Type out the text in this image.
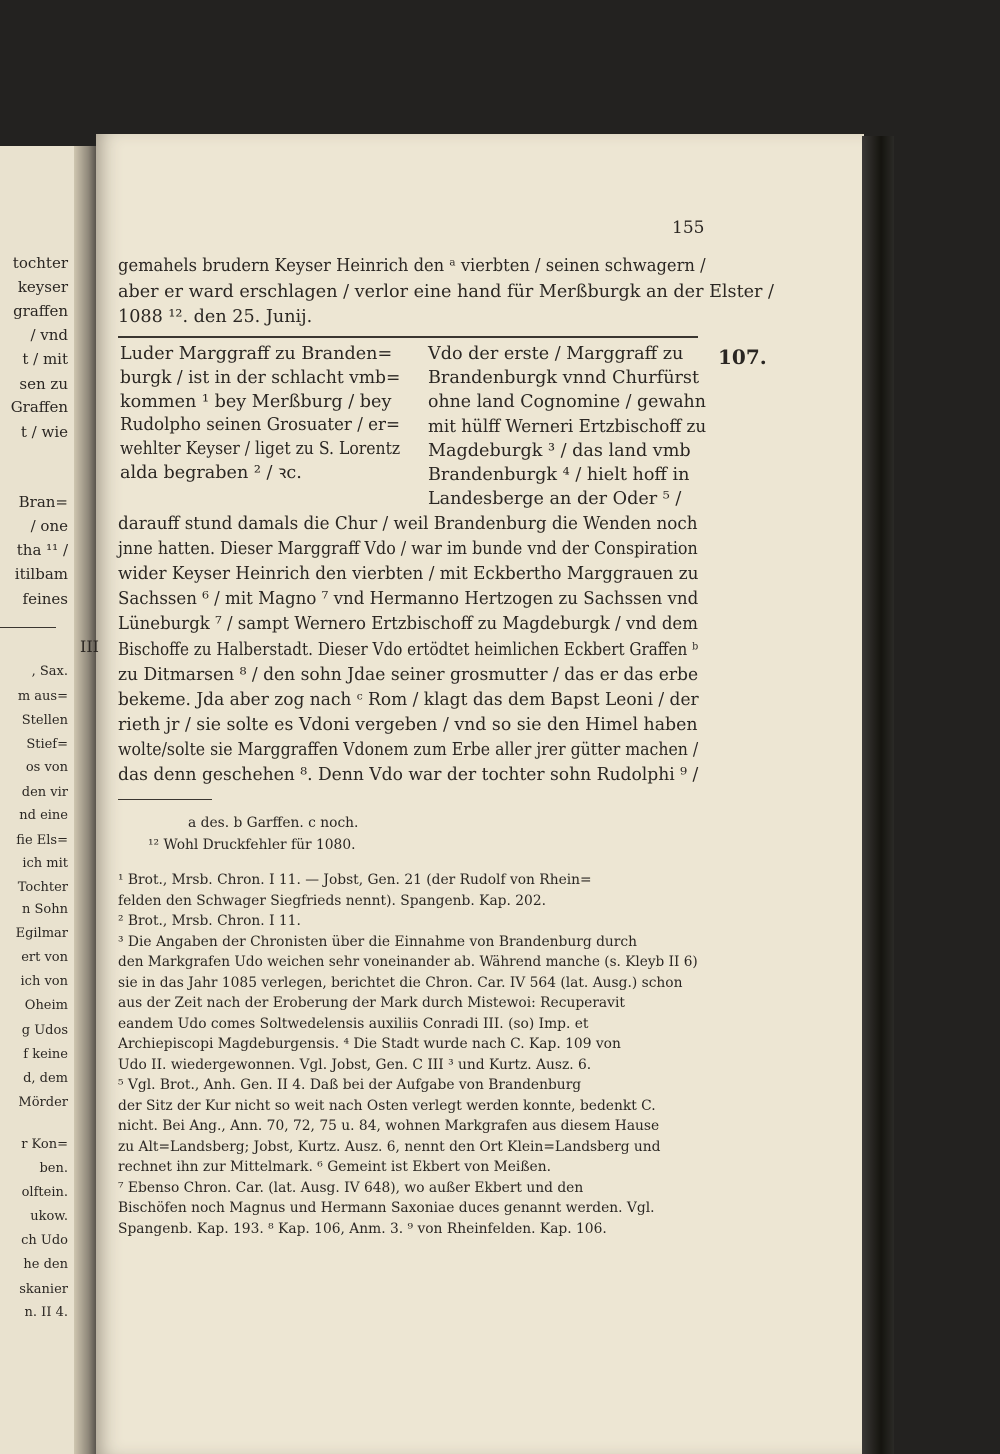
tochter
keyser
graffen
/ vnd
t / mit
sen zu
Graffen
t / wie
Bran=
/ one
tha ¹¹ /
itilbam
feines
, Sax.
m aus=
Stellen
Stief=
os von
den vir
nd eine
fie Els=
ich mit
Tochter
n Sohn
Egilmar
ert von
ich von
Oheim
g Udos
f keine
d, dem
Mörder
r Kon=
ben.
olftein.
ukow.
ch Udo
he den
skanier
n. II 4.
155
107.
III
gemahels brudern Keyser Heinrich den ᵃ vierbten / seinen schwagern /
aber er ward erschlagen / verlor eine hand für Merßburgk an der Elster /
1088 ¹². den 25. Junij.
Luder Marggraff zu Branden=
burgk / ist in der schlacht vmb=
kommen ¹ bey Merßburg / bey
Rudolpho seinen Grosuater / er=
wehlter Keyser / liget zu S. Lorentz
alda begraben ² / ꝛc.
Vdo der erste / Marggraff zu
Brandenburgk vnnd Churfürst
ohne land Cognomine / gewahn
mit hülff Werneri Ertzbischoff zu
Magdeburgk ³ / das land vmb
Brandenburgk ⁴ / hielt hoff in
Landesberge an der Oder ⁵ /
darauff stund damals die Chur / weil Brandenburg die Wenden noch
jnne hatten. Dieser Marggraff Vdo / war im bunde vnd der Conspiration
wider Keyser Heinrich den vierbten / mit Eckbertho Marggrauen zu
Sachssen ⁶ / mit Magno ⁷ vnd Hermanno Hertzogen zu Sachssen vnd
Lüneburgk ⁷ / sampt Wernero Ertzbischoff zu Magdeburgk / vnd dem
Bischoffe zu Halberstadt. Dieser Vdo ertödtet heimlichen Eckbert Graffen ᵇ
zu Ditmarsen ⁸ / den sohn Jdae seiner grosmutter / das er das erbe
bekeme. Jda aber zog nach ᶜ Rom / klagt das dem Bapst Leoni / der
rieth jr / sie solte es Vdoni vergeben / vnd so sie den Himel haben
wolte/solte sie Marggraffen Vdonem zum Erbe aller jrer gütter machen /
das denn geschehen ⁸. Denn Vdo war der tochter sohn Rudolphi ⁹ /
a des. b Garffen. c noch.
¹² Wohl Druckfehler für 1080.
¹ Brot., Mrsb. Chron. I 11. — Jobst, Gen. 21 (der Rudolf von Rhein=
felden den Schwager Siegfrieds nennt). Spangenb. Kap. 202.
² Brot., Mrsb. Chron. I 11.
³ Die Angaben der Chronisten über die Einnahme von Brandenburg durch
den Markgrafen Udo weichen sehr voneinander ab. Während manche (s. Kleyb II 6)
sie in das Jahr 1085 verlegen, berichtet die Chron. Car. IV 564 (lat. Ausg.) schon
aus der Zeit nach der Eroberung der Mark durch Mistewoi: Recuperavit
eandem Udo comes Soltwedelensis auxiliis Conradi III. (so) Imp. et
Archiepiscopi Magdeburgensis. ⁴ Die Stadt wurde nach C. Kap. 109 von
Udo II. wiedergewonnen. Vgl. Jobst, Gen. C III ³ und Kurtz. Ausz. 6.
⁵ Vgl. Brot., Anh. Gen. II 4. Daß bei der Aufgabe von Brandenburg
der Sitz der Kur nicht so weit nach Osten verlegt werden konnte, bedenkt C.
nicht. Bei Ang., Ann. 70, 72, 75 u. 84, wohnen Markgrafen aus diesem Hause
zu Alt=Landsberg; Jobst, Kurtz. Ausz. 6, nennt den Ort Klein=Landsberg und
rechnet ihn zur Mittelmark. ⁶ Gemeint ist Ekbert von Meißen.
⁷ Ebenso Chron. Car. (lat. Ausg. IV 648), wo außer Ekbert und den
Bischöfen noch Magnus und Hermann Saxoniae duces genannt werden. Vgl.
Spangenb. Kap. 193. ⁸ Kap. 106, Anm. 3. ⁹ von Rheinfelden. Kap. 106.
